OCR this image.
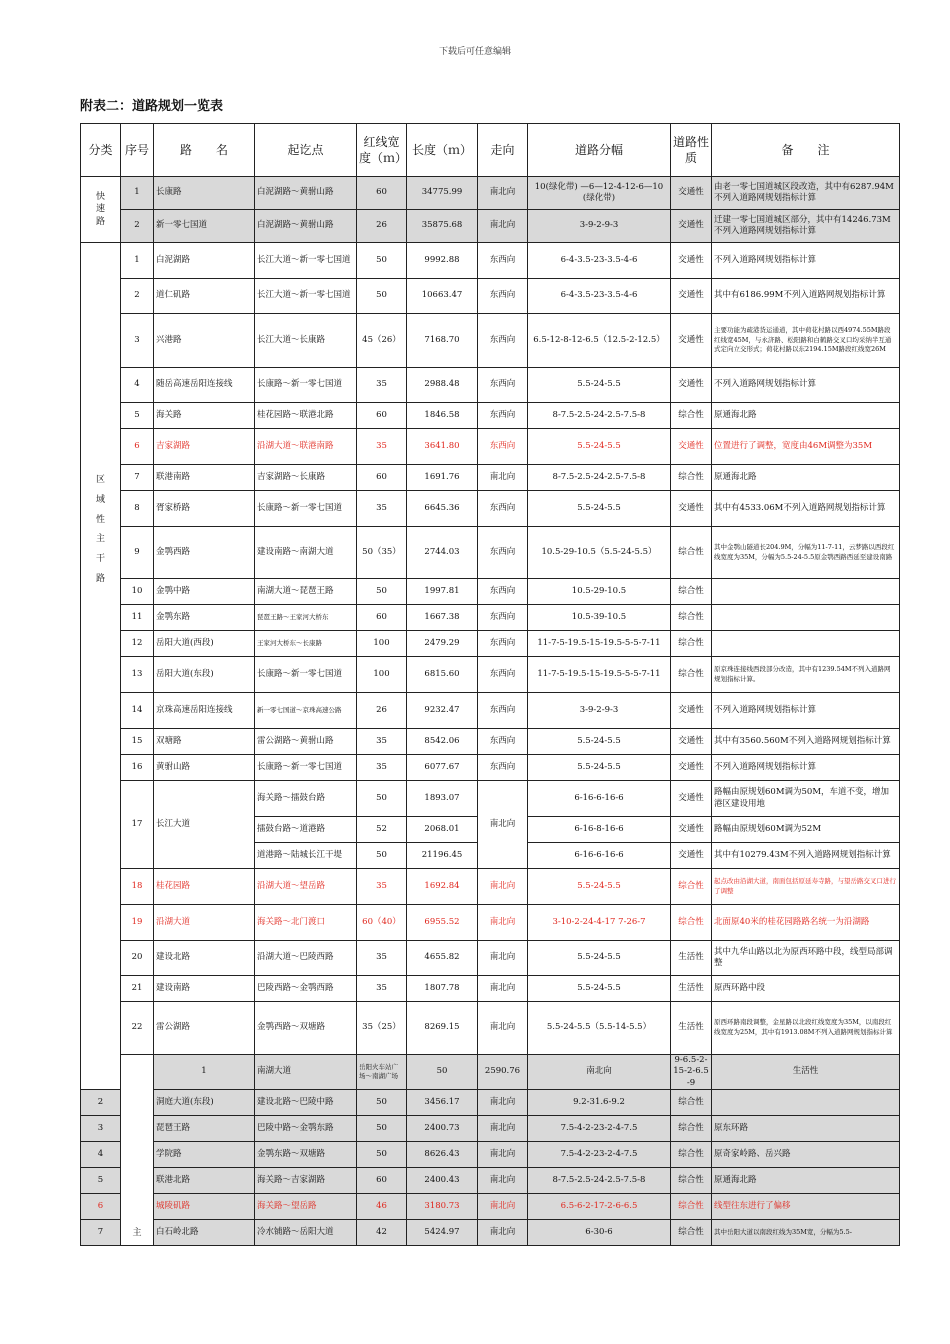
下载后可任意编辑
附表二：道路规划一览表
分类	序号	路　　名	起讫点	红线宽度（ｍ）	长度（ｍ）	走向	道路分幅	道路性质	备　　注	
快速路	1	长康路	白泥湖路～黄驸山路	60	34775.99	南北向	10(绿化带) —6—12-4-12-6—10(绿化带)	交通性	由老一零七国道城区段改造，其中有6287.94M不列入道路网规划指标计算	
	2	新一零七国道	白泥湖路～黄驸山路	26	35875.68	南北向	3-9-2-9-3	交通性	迁建一零七国道城区部分，其中有14246.73M不列入道路网规划指标计算	
区　　域　　性　　主　　干　　路	1	白泥湖路	长江大道～新一零七国道	50	9992.88	东西向	6-4-3.5-23-3.5-4-6	交通性	不列入道路网规划指标计算	
	2	道仁矶路	长江大道～新一零七国道	50	10663.47	东西向	6-4-3.5-23-3.5-4-6	交通性	其中有6186.99M不列入道路网规划指标计算	
	3	兴港路	长江大道～长康路	45（26）	7168.70	东西向	6.5-12-8-12-6.5（12.5-2-12.5）	交通性	主要功能为疏港货运通道，其中荷花村路以西4974.55M路段红线宽45M，与永济路、松阳路和白鹤路交叉口均采纳半互通式定向立交形式；荷花村路以东2194.15M路段红线宽26M	
	4	随岳高速岳阳连接线	长康路～新一零七国道	35	2988.48	东西向	5.5-24-5.5	交通性	不列入道路网规划指标计算	
	5	海关路	桂花园路～联港北路	60	1846.58	东西向	8-7.5-2.5-24-2.5-7.5-8	综合性	原通海北路	
	6	吉家湖路	沿湖大道～联港南路	35	3641.80	东西向	5.5-24-5.5	交通性	位置进行了调整，宽度由46M调整为35M	
	7	联港南路	吉家湖路～长康路	60	1691.76	南北向	8-7.5-2.5-24-2.5-7.5-8	综合性	原通海北路	
	8	胥家桥路	长康路～新一零七国道	35	6645.36	东西向	5.5-24-5.5	交通性	其中有4533.06M不列入道路网规划指标计算	
	9	金鹗西路	建设南路～南湖大道	50（35）	2744.03	东西向	10.5-29-10.5（5.5-24-5.5）	综合性	其中金鹗山隧道长204.9M，分幅为11-7-11，云梦路以西段红线宽度为35M，分幅为5.5-24-5.5原金鹗西路西延至建设南路	
	10	金鹗中路	南湖大道～琵琶王路	50	1997.81	东西向	10.5-29-10.5	综合性		
	11	金鹗东路	琵琶王路～王家河大桥东	60	1667.38	东西向	10.5-39-10.5	综合性		
	12	岳阳大道(西段)	王家河大桥东～长康路	100	2479.29	东西向	11-7-5-19.5-15-19.5-5-5-7-11	综合性		
	13	岳阳大道(东段)	长康路～新一零七国道	100	6815.60	东西向	11-7-5-19.5-15-19.5-5-5-7-11	综合性	原京珠连接线西段部分改造，其中有1239.54M不列入道路网规划指标计算。	
	14	京珠高速岳阳连接线	新一零七国道～京珠高速公路	26	9232.47	东西向	3-9-2-9-3	交通性	不列入道路网规划指标计算	
	15	双塘路	雷公湖路～黄驸山路	35	8542.06	东西向	5.5-24-5.5	交通性	其中有3560.560M不列入道路网规划指标计算	
	16	黄驸山路	长康路～新一零七国道	35	6077.67	东西向	5.5-24-5.5	交通性	不列入道路网规划指标计算	
	17	长江大道	海关路～擂鼓台路	50	1893.07	南北向	6-16-6-16-6	交通性	路幅由原规划60M调为50M，车道不变，增加港区建设用地	
			擂鼓台路～道港路	52	2068.01		6-16-8-16-6	交通性	路幅由原规划60M调为52M	
			道港路～陆城长江干堤	50	21196.45		6-16-6-16-6	交通性	其中有10279.43M不列入道路网规划指标计算	
	18	桂花园路	沿湖大道～望岳路	35	1692.84	南北向	5.5-24-5.5	综合性	起点改由沿湖大道，南面包括原延寿寺路，与望岳路交叉口进行了调整	
	19	沿湖大道	海关路～北门渡口	60（40）	6955.52	南北向	3-10-2-24-4-17 7-26-7	综合性	北面原40米的桂花园路路名统一为沿湖路	
	20	建设北路	沿湖大道～巴陵西路	35	4655.82	南北向	5.5-24-5.5	生活性	其中九华山路以北为原西环路中段，线型局部调整	
	21	建设南路	巴陵西路～金鹗西路	35	1807.78	南北向	5.5-24-5.5	生活性	原西环路中段	
	22	雷公湖路	金鹗西路～双塘路	35（25）	8269.15	南北向	5.5-24-5.5（5.5-14-5.5）	生活性	原西环路南段调整，金星路以北段红线宽度为35M，以南段红线宽度为25M，其中有1913.08M不列入道路网规划指标计算	
	主	1	南湖大道	岳阳火车站广场～南湖广场	50	2590.76	南北向	9-6.5-2-15-2-6.5-9	生活性	
2		洞庭大道(东段)	建设北路～巴陵中路	50	3456.17	南北向	9.2-31.6-9.2	综合性		
3		琵琶王路	巴陵中路～金鹗东路	50	2400.73	南北向	7.5-4-2-23-2-4-7.5	综合性	原东环路	
4		学院路	金鹗东路～双塘路	50	8626.43	南北向	7.5-4-2-23-2-4-7.5	综合性	原奇家岭路、岳兴路	
5		联港北路	海关路～吉家湖路	60	2400.43	南北向	8-7.5-2.5-24-2.5-7.5-8	综合性	原通海北路	
6		城陵矶路	海关路～望岳路	46	3180.73	南北向	6.5-6-2-17-2-6-6.5	综合性	线型往东进行了偏移	
7		白石岭北路	冷水铺路～岳阳大道	42	5424.97	南北向	6-30-6	综合性	其中岳阳大道以南段红线为35M宽，分幅为5.5-	
